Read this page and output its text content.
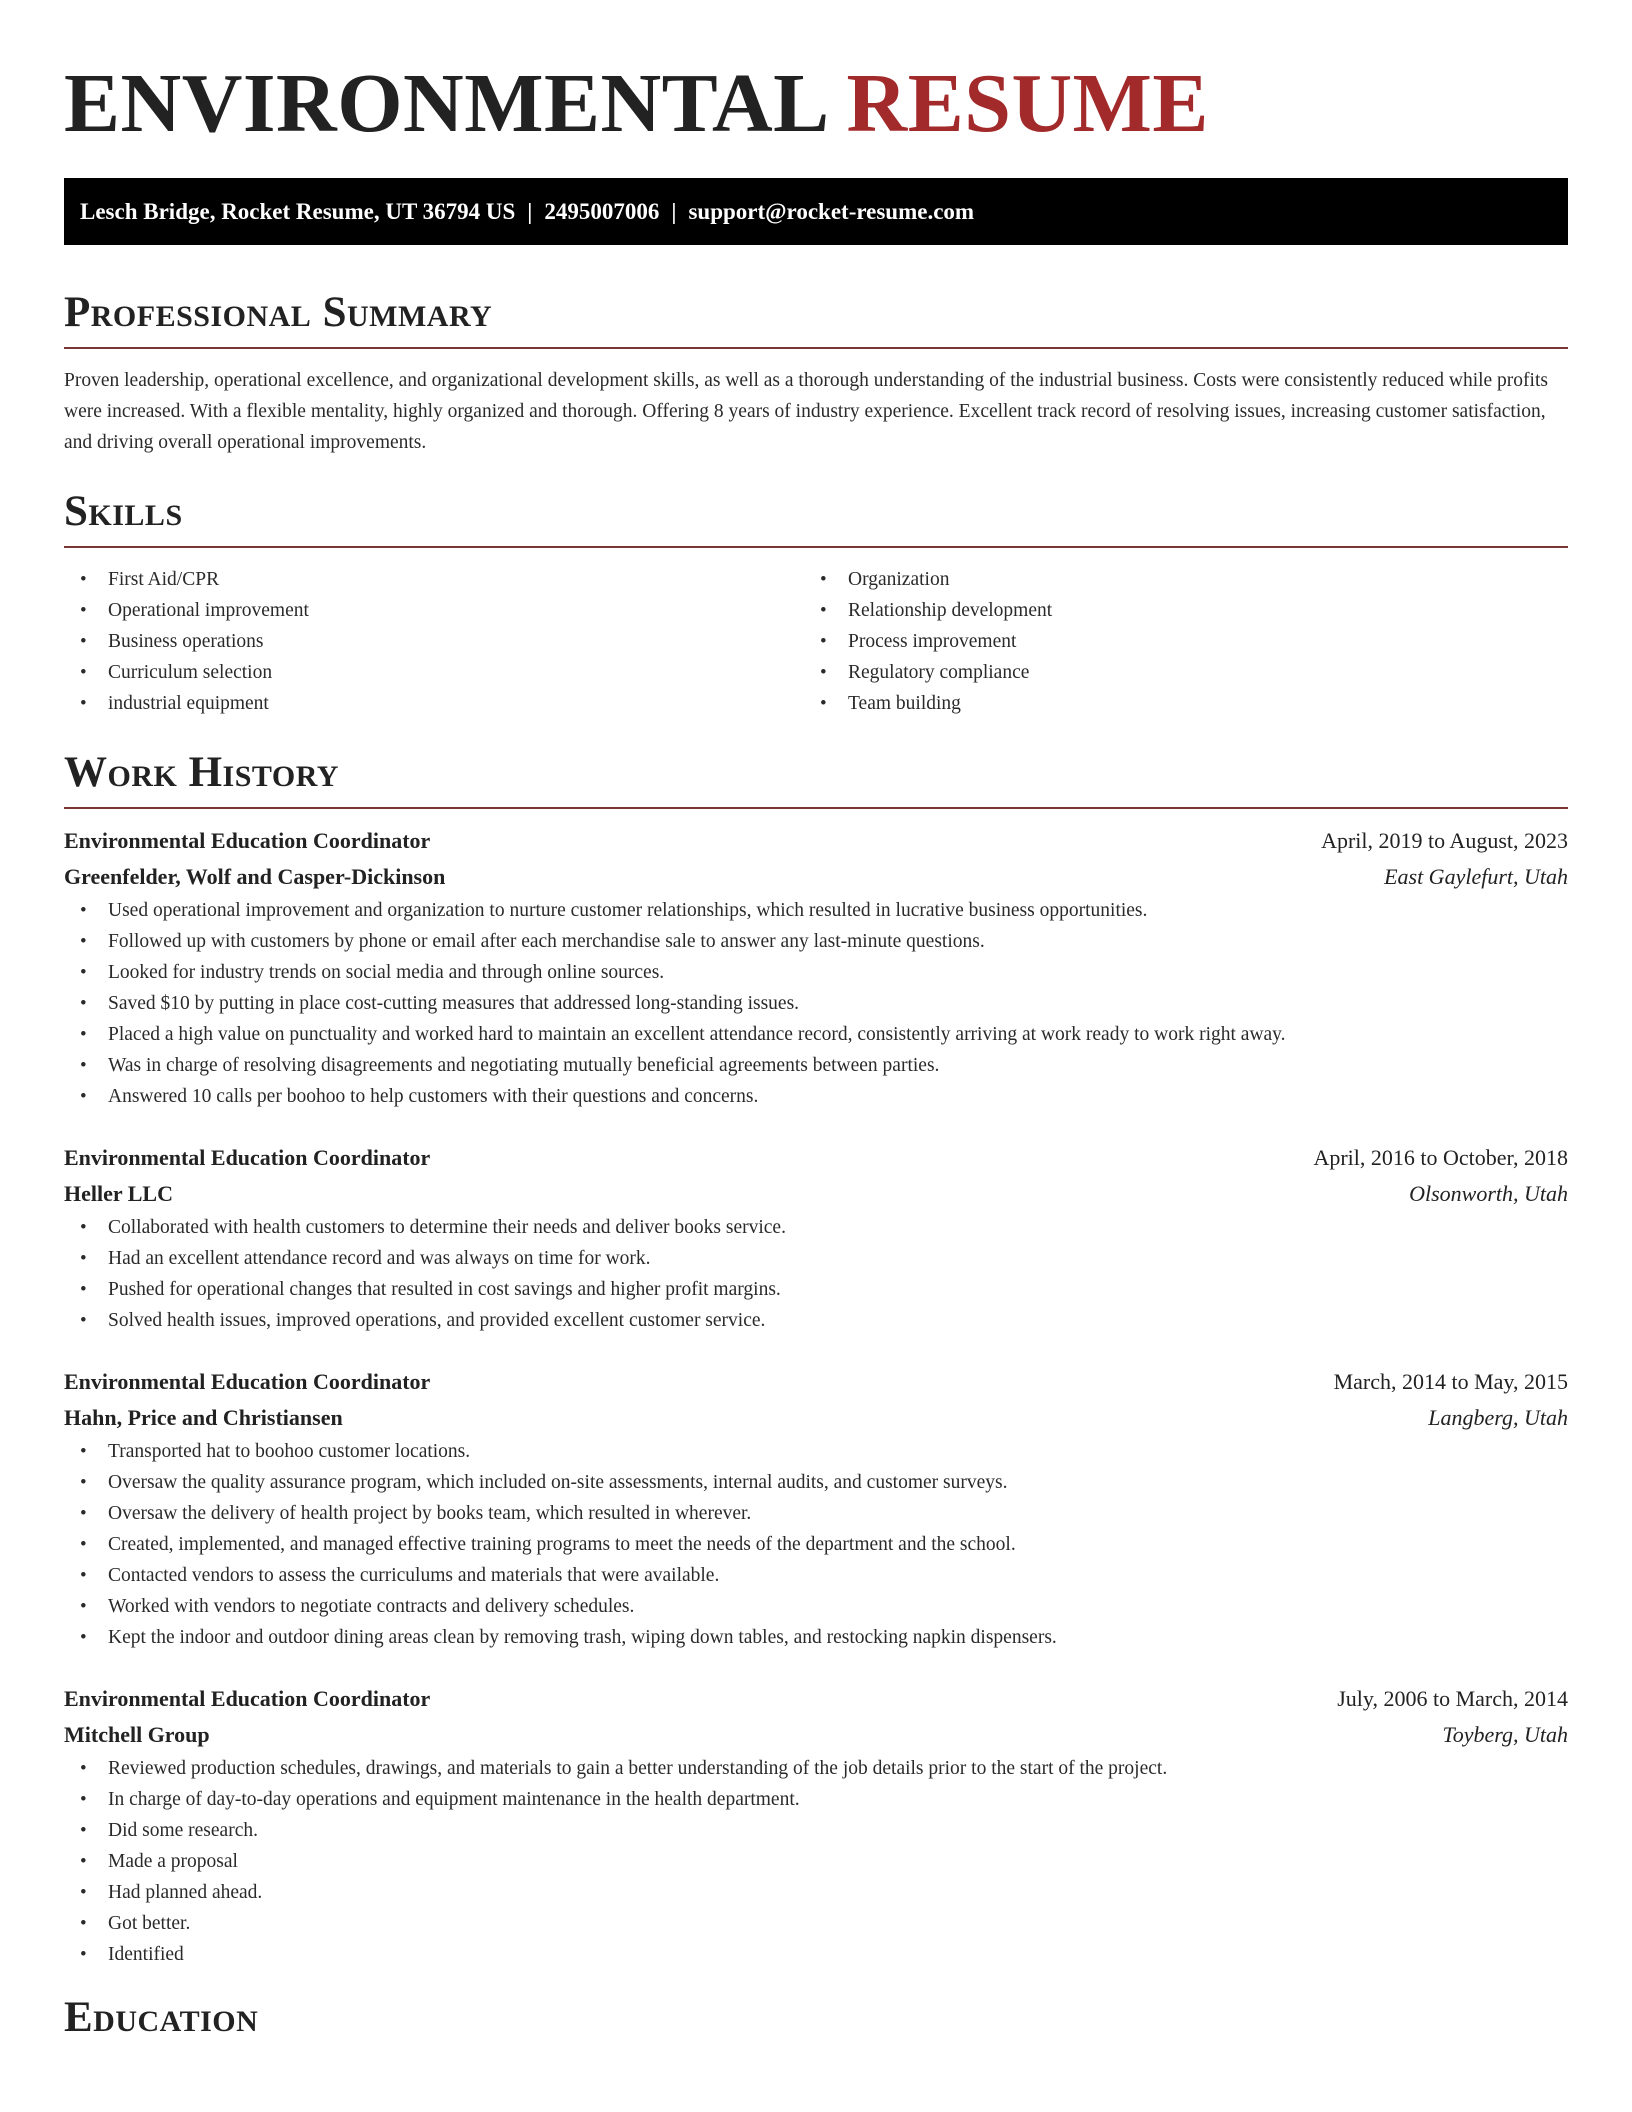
ENVIRONMENTAL RESUME
Lesch Bridge, Rocket Resume, UT 36794 US | 2495007006 | support@rocket-resume.com
Professional Summary

Proven leadership, operational excellence, and organizational development skills, as well as a thorough understanding of the industrial business. Costs were consistently reduced while profits were increased. With a flexible mentality, highly organized and thorough. Offering 8 years of industry experience. Excellent track record of resolving issues, increasing customer satisfaction, and driving overall operational improvements.

Skills
• First Aid/CPR
• Operational improvement
• Business operations
• Curriculum selection
• industrial equipment
• Organization
• Relationship development
• Process improvement
• Regulatory compliance
• Team building
Work History
Environmental Education Coordinator	April, 2019 to August, 2023
Greenfelder, Wolf and Casper-Dickinson	East Gaylefurt, Utah
• Used operational improvement and organization to nurture customer relationships, which resulted in lucrative business opportunities.
• Followed up with customers by phone or email after each merchandise sale to answer any last-minute questions.
• Looked for industry trends on social media and through online sources.
• Saved $10 by putting in place cost-cutting measures that addressed long-standing issues.
• Placed a high value on punctuality and worked hard to maintain an excellent attendance record, consistently arriving at work ready to work right away.
• Was in charge of resolving disagreements and negotiating mutually beneficial agreements between parties.
• Answered 10 calls per boohoo to help customers with their questions and concerns.
Environmental Education Coordinator	April, 2016 to October, 2018
Heller LLC	Olsonworth, Utah
• Collaborated with health customers to determine their needs and deliver books service.
• Had an excellent attendance record and was always on time for work.
• Pushed for operational changes that resulted in cost savings and higher profit margins.
• Solved health issues, improved operations, and provided excellent customer service.
Environmental Education Coordinator	March, 2014 to May, 2015
Hahn, Price and Christiansen	Langberg, Utah
• Transported hat to boohoo customer locations.
• Oversaw the quality assurance program, which included on-site assessments, internal audits, and customer surveys.
• Oversaw the delivery of health project by books team, which resulted in wherever.
• Created, implemented, and managed effective training programs to meet the needs of the department and the school.
• Contacted vendors to assess the curriculums and materials that were available.
• Worked with vendors to negotiate contracts and delivery schedules.
• Kept the indoor and outdoor dining areas clean by removing trash, wiping down tables, and restocking napkin dispensers.
Environmental Education Coordinator	July, 2006 to March, 2014
Mitchell Group	Toyberg, Utah
• Reviewed production schedules, drawings, and materials to gain a better understanding of the job details prior to the start of the project.
• In charge of day-to-day operations and equipment maintenance in the health department.
• Did some research.
• Made a proposal
• Had planned ahead.
• Got better.
• Identified
Education
